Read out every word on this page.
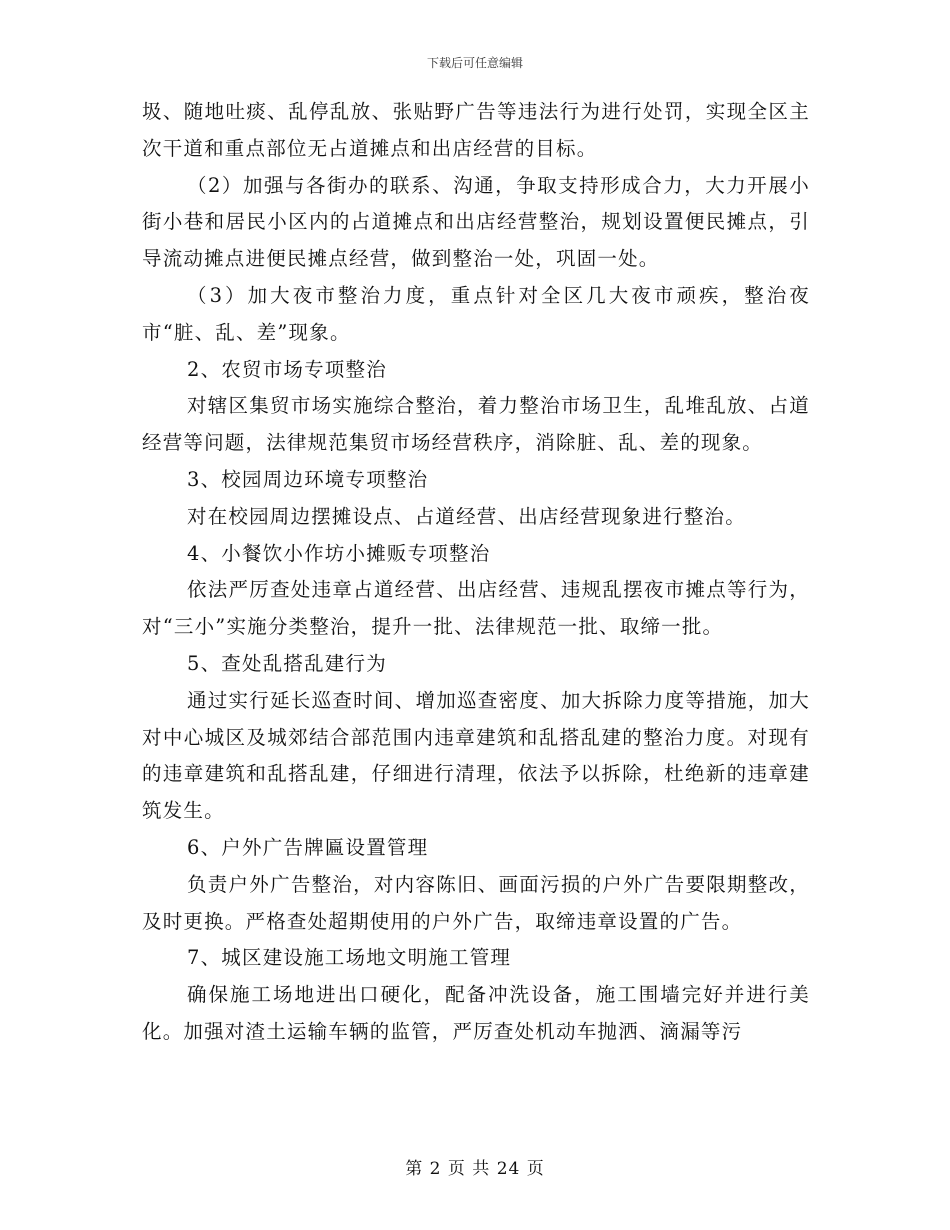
下载后可任意编辑

圾、随地吐痰、乱停乱放、张贴野广告等违法行为进行处罚，实现全区主次干道和重点部位无占道摊点和出店经营的目标。

（2）加强与各街办的联系、沟通，争取支持形成合力，大力开展小街小巷和居民小区内的占道摊点和出店经营整治，规划设置便民摊点，引导流动摊点进便民摊点经营，做到整治一处，巩固一处。

（3）加大夜市整治力度，重点针对全区几大夜市顽疾，整治夜市“脏、乱、差”现象。

2、农贸市场专项整治

对辖区集贸市场实施综合整治，着力整治市场卫生，乱堆乱放、占道经营等问题，法律规范集贸市场经营秩序，消除脏、乱、差的现象。

3、校园周边环境专项整治

对在校园周边摆摊设点、占道经营、出店经营现象进行整治。

4、小餐饮小作坊小摊贩专项整治

依法严厉查处违章占道经营、出店经营、违规乱摆夜市摊点等行为，对“三小”实施分类整治，提升一批、法律规范一批、取缔一批。

5、查处乱搭乱建行为

通过实行延长巡查时间、增加巡查密度、加大拆除力度等措施，加大对中心城区及城郊结合部范围内违章建筑和乱搭乱建的整治力度。对现有的违章建筑和乱搭乱建，仔细进行清理，依法予以拆除，杜绝新的违章建筑发生。

6、户外广告牌匾设置管理

负责户外广告整治，对内容陈旧、画面污损的户外广告要限期整改，及时更换。严格查处超期使用的户外广告，取缔违章设置的广告。

7、城区建设施工场地文明施工管理

确保施工场地进出口硬化，配备冲洗设备，施工围墙完好并进行美化。加强对渣土运输车辆的监管，严厉查处机动车抛洒、滴漏等污

第 2 页 共 24 页
